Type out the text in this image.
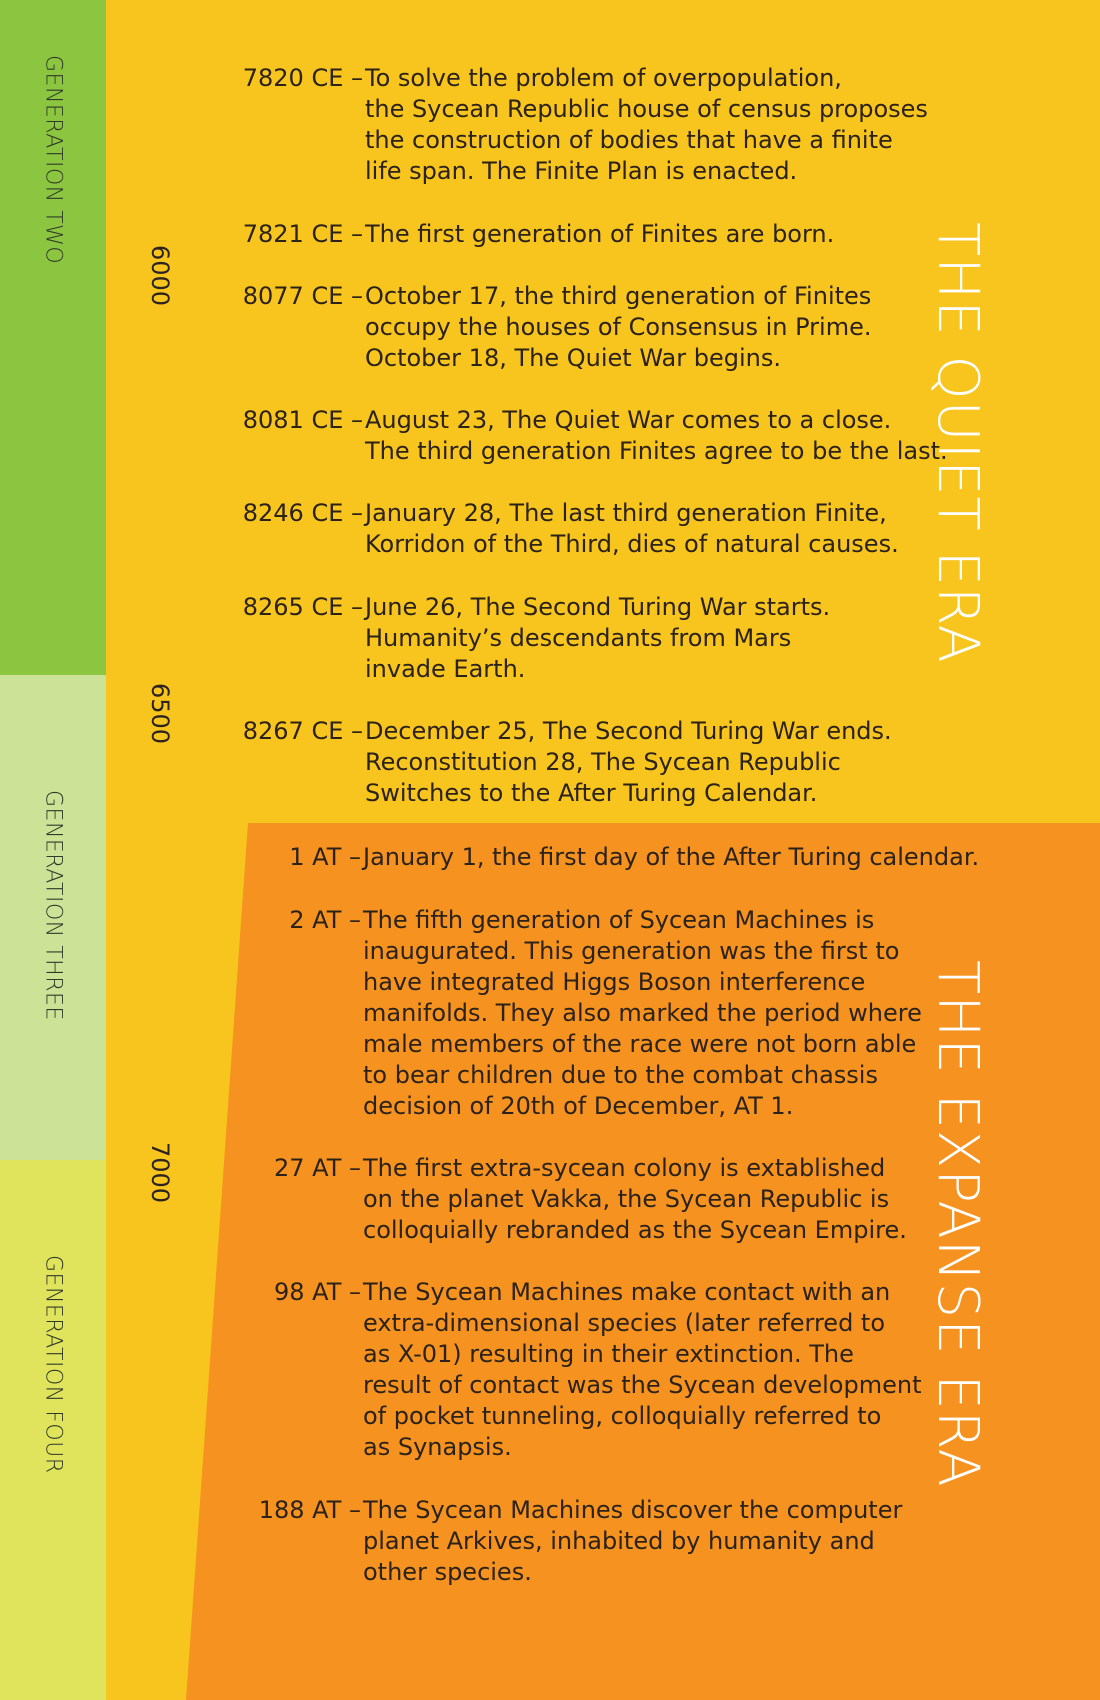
GENERATION TWO
GENERATION THREE
GENERATION FOUR
6000
6500
7000
THE QUIET ERA
THE EXPANSE ERA
7820 CE – To solve the problem of overpopulation,
the Sycean Republic house of census proposes
the construction of bodies that have a finite
life span. The Finite Plan is enacted.
7821 CE – The first generation of Finites are born.
8077 CE – October 17, the third generation of Finites
occupy the houses of Consensus in Prime.
October 18, The Quiet War begins.
8081 CE – August 23, The Quiet War comes to a close.
The third generation Finites agree to be the last.
8246 CE – January 28, The last third generation Finite,
Korridon of the Third, dies of natural causes.
8265 CE – June 26, The Second Turing War starts.
Humanity’s descendants from Mars
invade Earth.
8267 CE – December 25, The Second Turing War ends.
Reconstitution 28, The Sycean Republic
Switches to the After Turing Calendar.
1 AT – January 1, the first day of the After Turing calendar.
2 AT – The fifth generation of Sycean Machines is
inaugurated. This generation was the first to
have integrated Higgs Boson interference
manifolds. They also marked the period where
male members of the race were not born able
to bear children due to the combat chassis
decision of 20th of December, AT 1.
27 AT – The first extra-sycean colony is extablished
on the planet Vakka, the Sycean Republic is
colloquially rebranded as the Sycean Empire.
98 AT – The Sycean Machines make contact with an
extra-dimensional species (later referred to
as X-01) resulting in their extinction. The
result of contact was the Sycean development
of pocket tunneling, colloquially referred to
as Synapsis.
188 AT – The Sycean Machines discover the computer
planet Arkives, inhabited by humanity and
other species.
